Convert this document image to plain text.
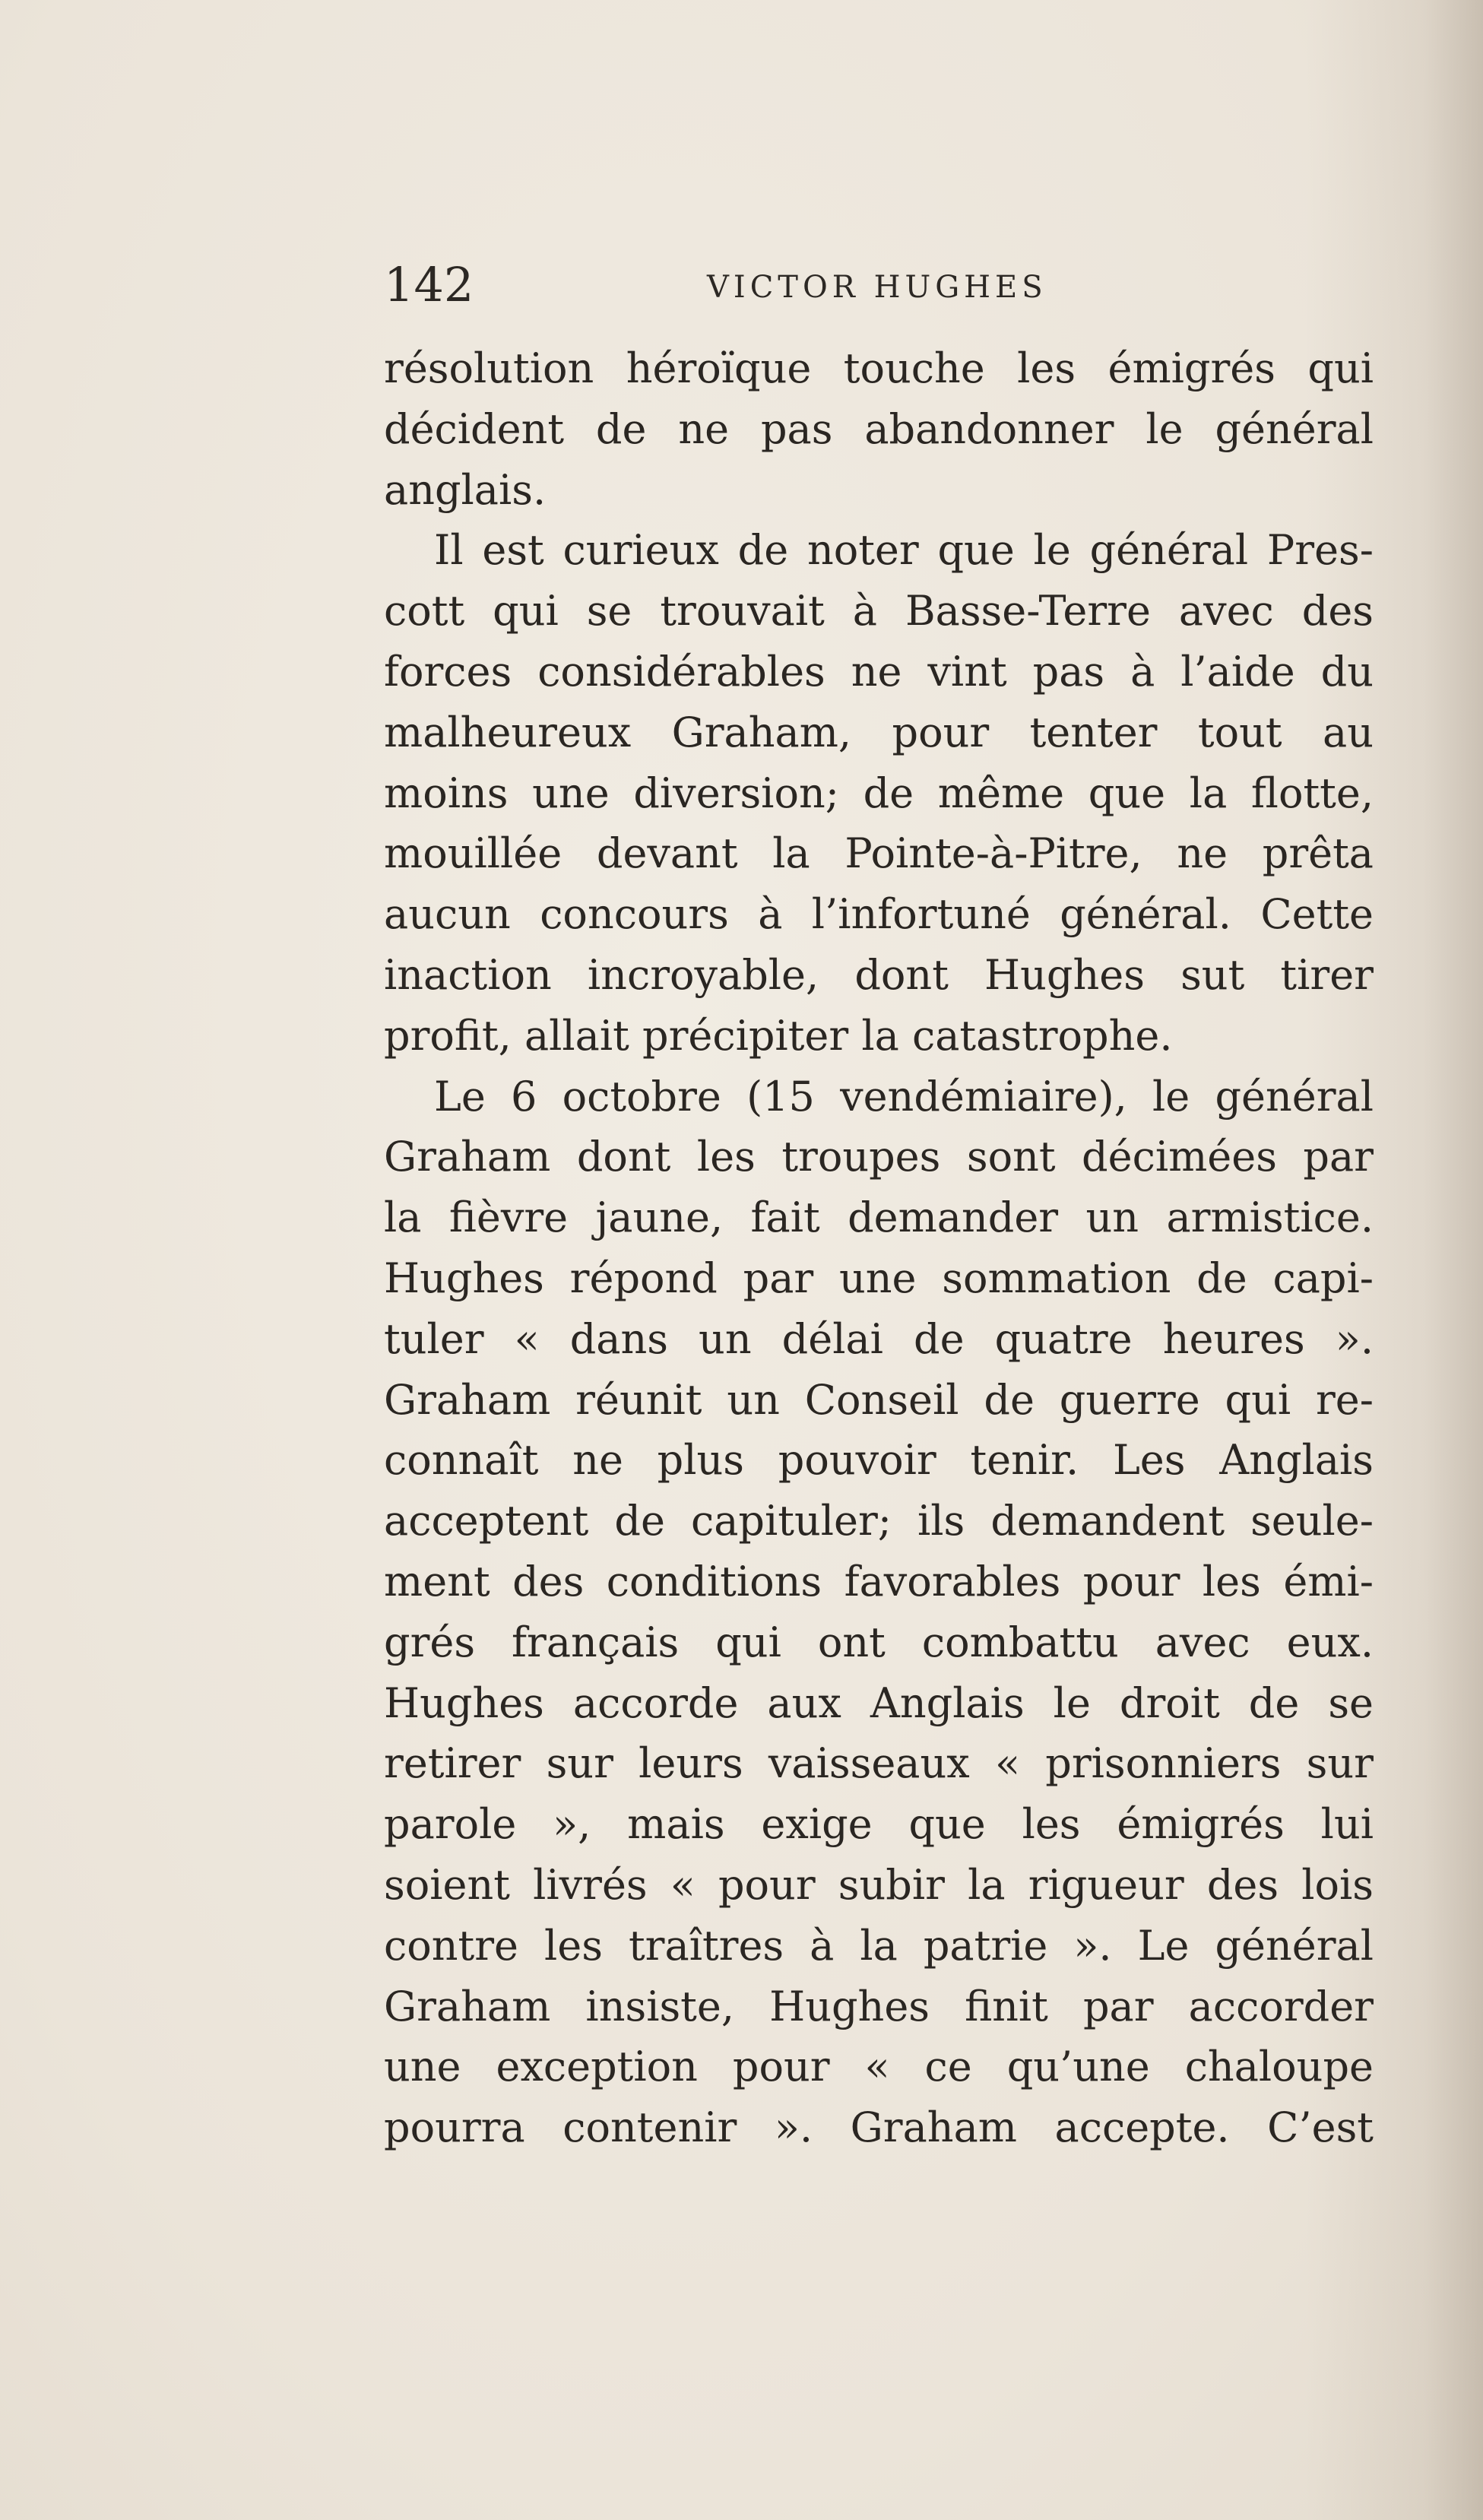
142	VICTOR HUGHES
résolution héroïque touche les émigrés qui
décident de ne pas abandonner le général
anglais.
Il est curieux de noter que le général Pres-
cott qui se trouvait à Basse-Terre avec des
forces considérables ne vint pas à l’aide du
malheureux Graham, pour tenter tout au
moins une diversion; de même que la flotte,
mouillée devant la Pointe-à-Pitre, ne prêta
aucun concours à l’infortuné général. Cette
inaction incroyable, dont Hughes sut tirer
profit, allait précipiter la catastrophe.
Le 6 octobre (15 vendémiaire), le général
Graham dont les troupes sont décimées par
la fièvre jaune, fait demander un armistice.
Hughes répond par une sommation de capi-
tuler « dans un délai de quatre heures ».
Graham réunit un Conseil de guerre qui re-
connaît ne plus pouvoir tenir. Les Anglais
acceptent de capituler; ils demandent seule-
ment des conditions favorables pour les émi-
grés français qui ont combattu avec eux.
Hughes accorde aux Anglais le droit de se
retirer sur leurs vaisseaux « prisonniers sur
parole », mais exige que les émigrés lui
soient livrés « pour subir la rigueur des lois
contre les traîtres à la patrie ». Le général
Graham insiste, Hughes finit par accorder
une exception pour « ce qu’une chaloupe
pourra contenir ». Graham accepte. C’est
